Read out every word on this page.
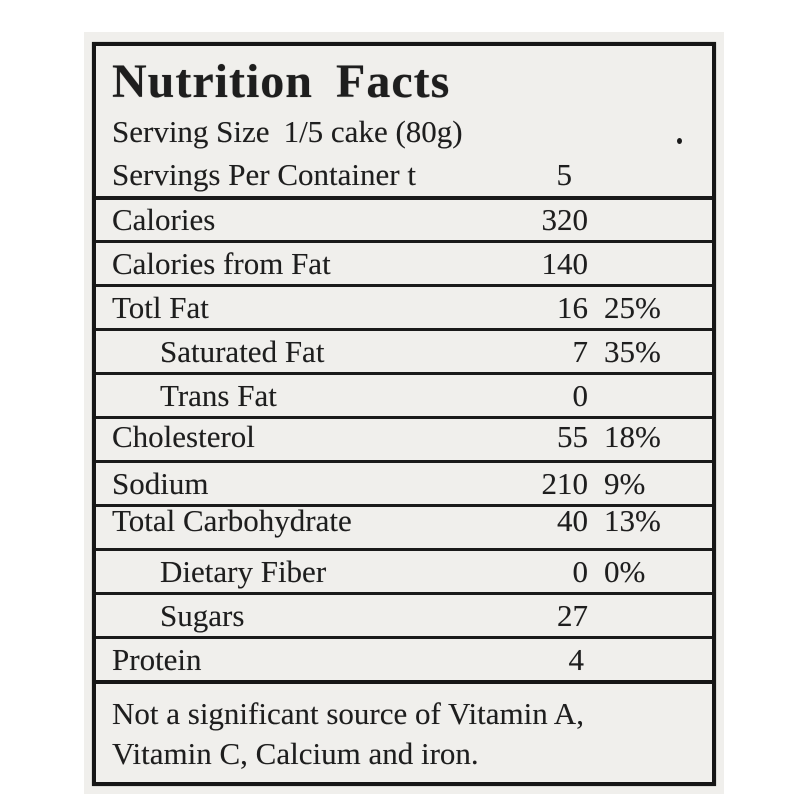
Nutrition Facts
Serving Size 1/5 cake (80g)
Servings Per Container t	5
Calories	320
Calories from Fat	140
Totl Fat	16 25%
Saturated Fat	7 35%
Trans Fat	0
Cholesterol	55 18%
Sodium	210 9%
Total Carbohydrate	40 13%
Dietary Fiber	0 0%
Sugars	27
Protein	4
Not a significant source of Vitamin A,
Vitamin C, Calcium and iron.
